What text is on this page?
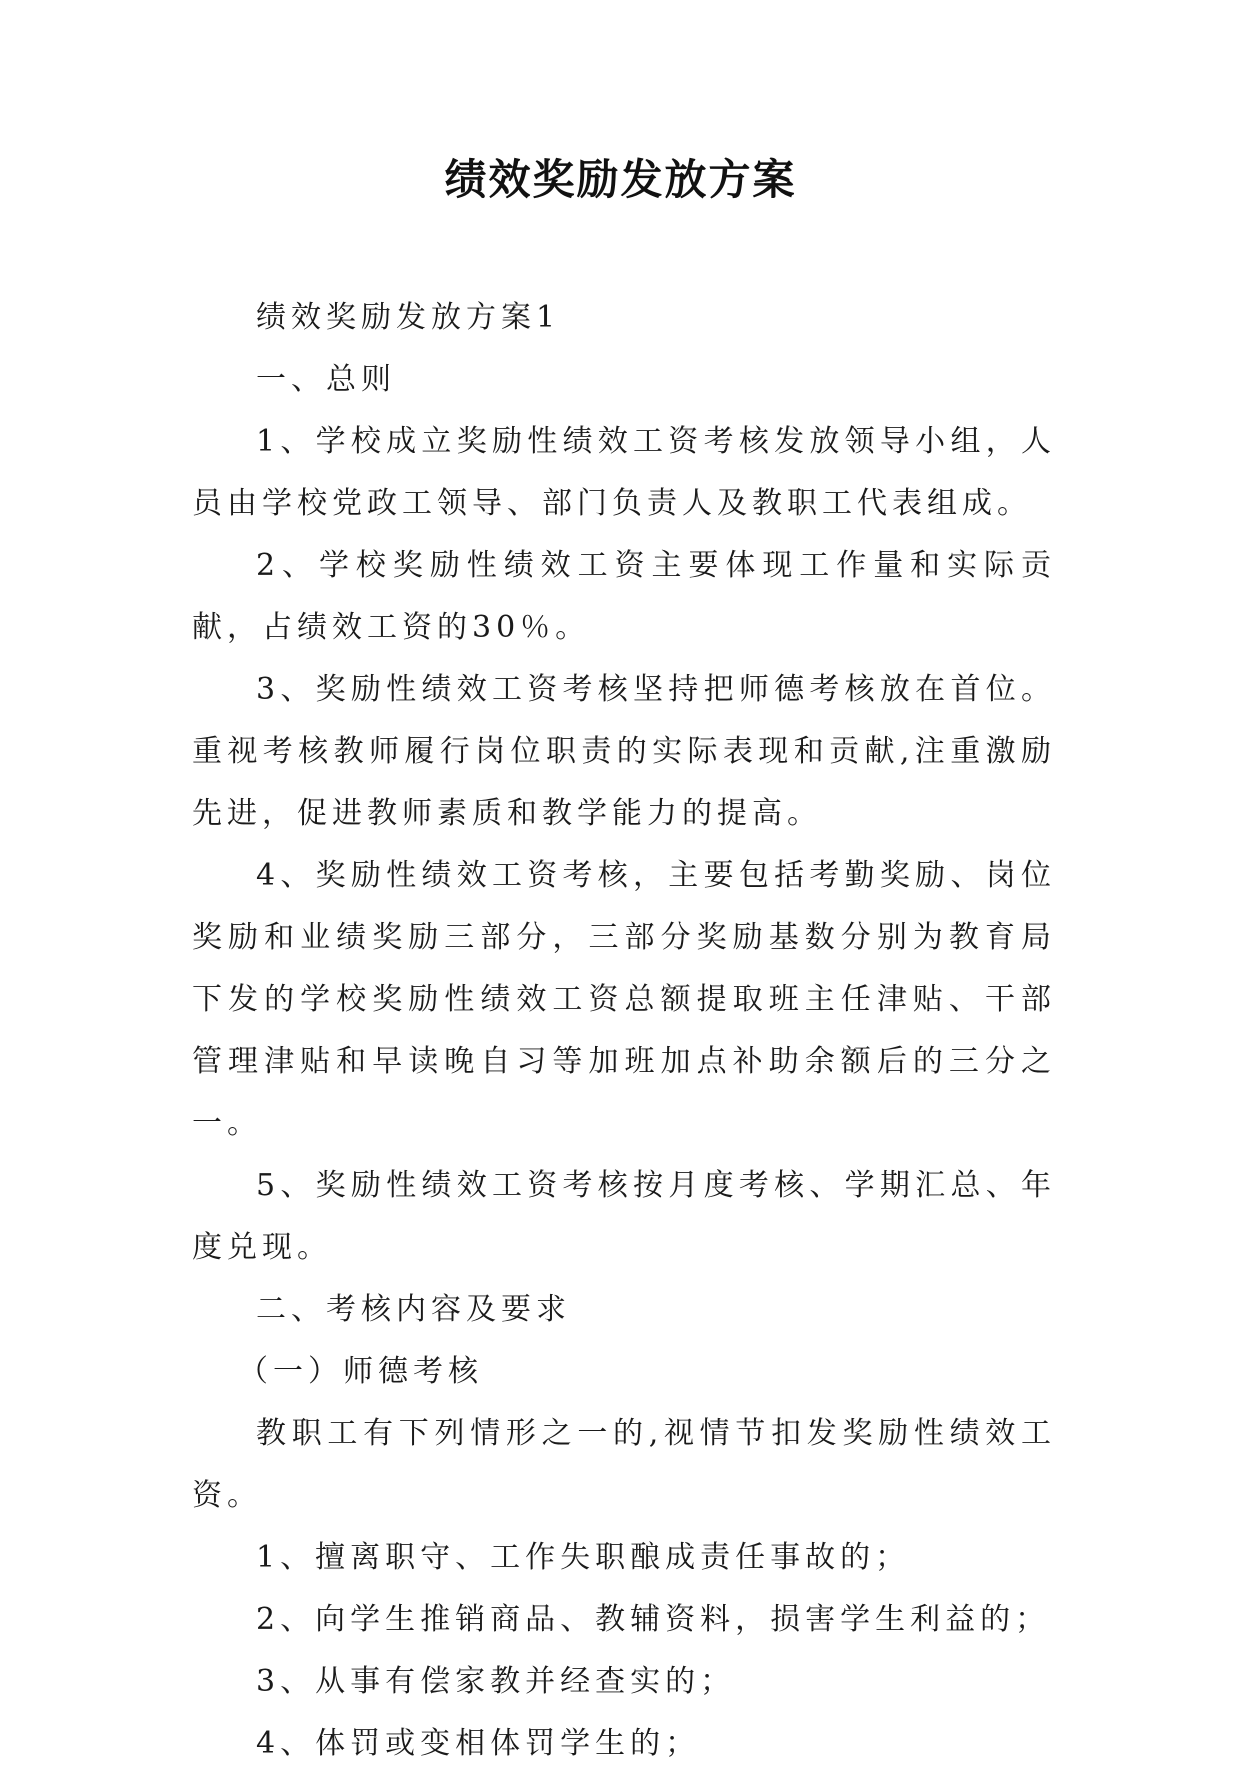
绩效奖励发放方案

绩效奖励发放方案1

一、总则

1、学校成立奖励性绩效工资考核发放领导小组，人员由学校党政工领导、部门负责人及教职工代表组成。

2、学校奖励性绩效工资主要体现工作量和实际贡献，占绩效工资的30％。

3、奖励性绩效工资考核坚持把师德考核放在首位。重视考核教师履行岗位职责的实际表现和贡献,注重激励先进，促进教师素质和教学能力的提高。

4、奖励性绩效工资考核，主要包括考勤奖励、岗位奖励和业绩奖励三部分，三部分奖励基数分别为教育局下发的学校奖励性绩效工资总额提取班主任津贴、干部管理津贴和早读晚自习等加班加点补助余额后的三分之一。

5、奖励性绩效工资考核按月度考核、学期汇总、年度兑现。

二、考核内容及要求

（一）师德考核

教职工有下列情形之一的,视情节扣发奖励性绩效工资。

1、擅离职守、工作失职酿成责任事故的；

2、向学生推销商品、教辅资料，损害学生利益的；

3、从事有偿家教并经查实的；

4、体罚或变相体罚学生的；
